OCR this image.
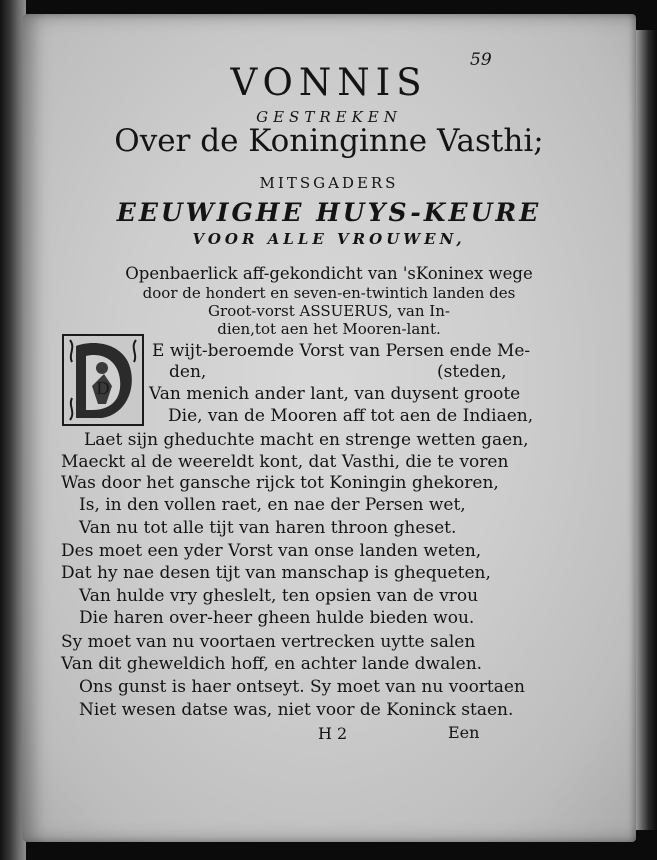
59
VONNIS
GESTREKEN
Over de Koninginne Vasthi;
MITSGADERS
EEUWIGHE HUYS-KEURE
VOOR ALLE VROUWEN,
Openbaerlick aff-gekondicht van 'sKoninex wege
door de hondert en seven-en-twintich landen des
Groot-vorst ASSUERUS, van In-
dien,tot aen het Mooren-lant.
D
E wijt-beroemde Vorst van Persen ende Me-
den,	(steden,
Van menich ander lant, van duysent groote
Die, van de Mooren aff tot aen de Indiaen,
Laet sijn gheduchte macht en strenge wetten gaen,
Maeckt al de weereldt kont, dat Vasthi, die te voren
Was door het gansche rijck tot Koningin ghekoren,
Is, in den vollen raet, en nae der Persen wet,
Van nu tot alle tijt van haren throon gheset.
Des moet een yder Vorst van onse landen weten,
Dat hy nae desen tijt van manschap is ghequeten,
Van hulde vry gheslelt, ten opsien van de vrou
Die haren over-heer gheen hulde bieden wou.
Sy moet van nu voortaen vertrecken uytte salen
Van dit gheweldich hoff, en achter lande dwalen.
Ons gunst is haer ontseyt. Sy moet van nu voortaen
Niet wesen datse was, niet voor de Koninck staen.
H 2	Een
